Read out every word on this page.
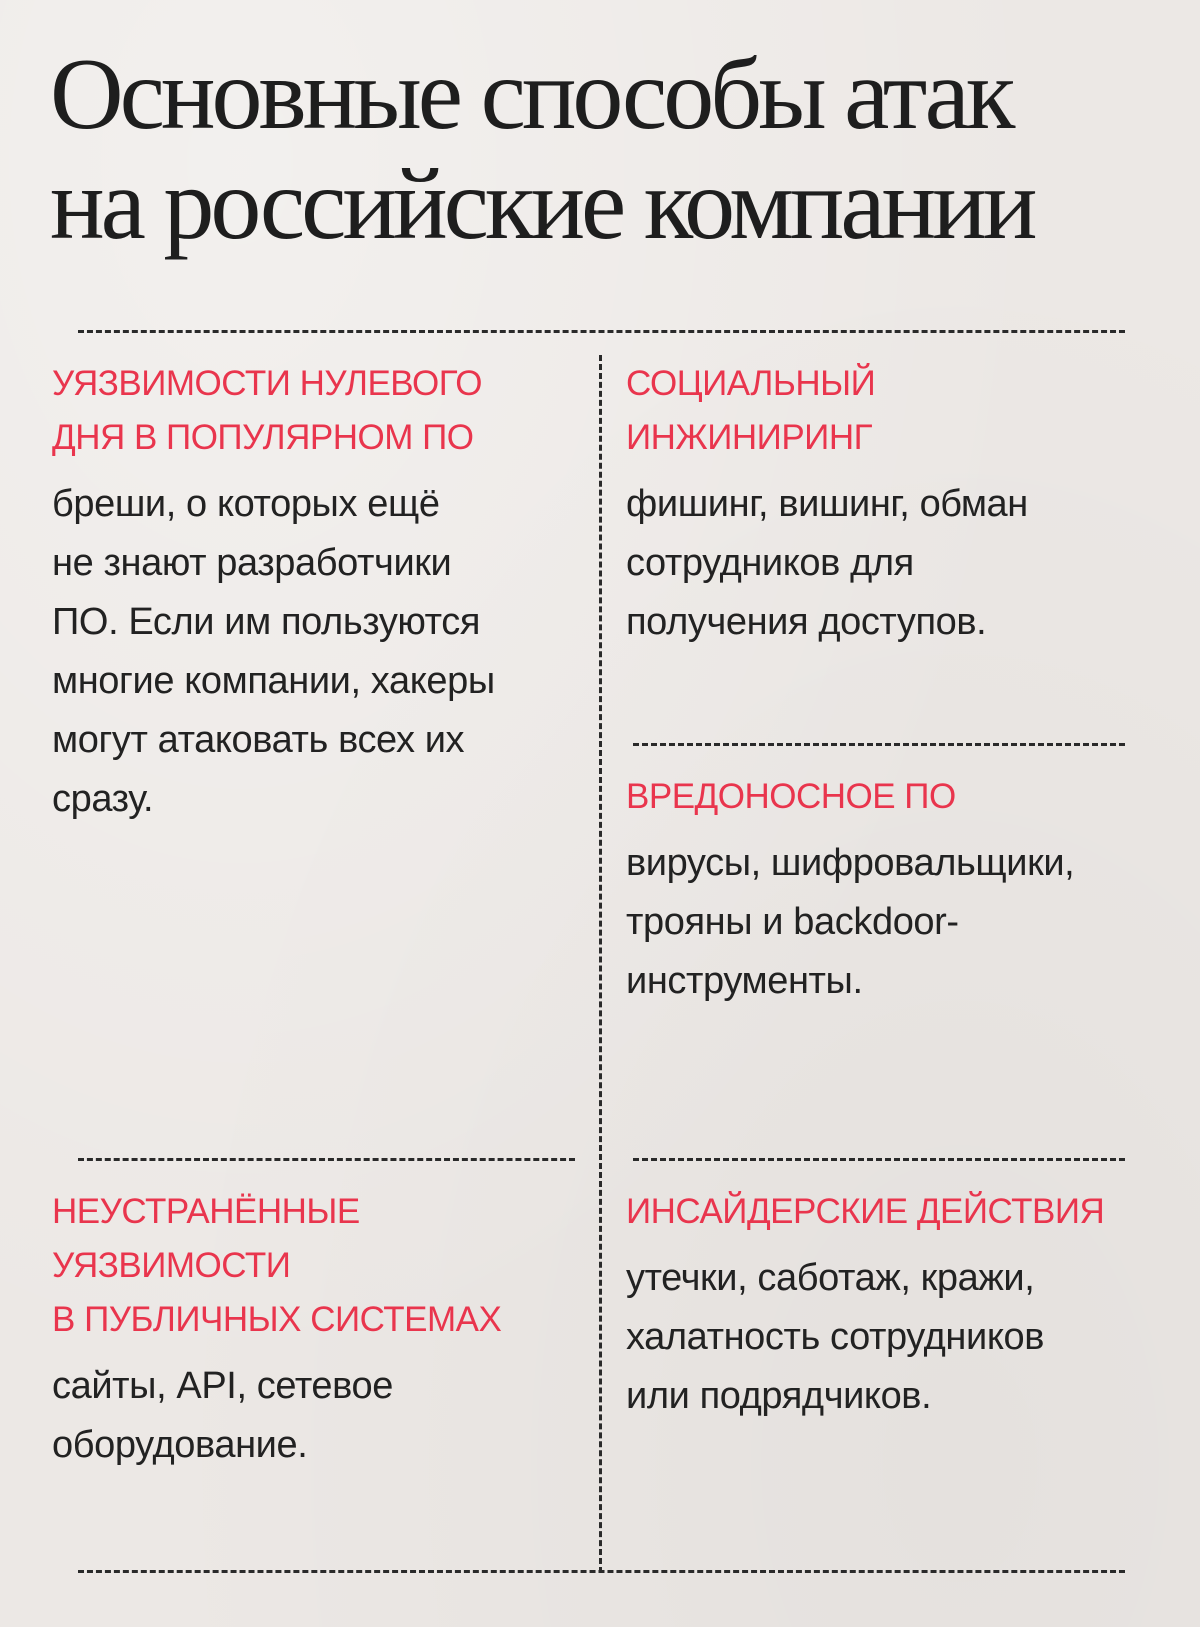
Основные способы атак
на российские компании
УЯЗВИМОСТИ НУЛЕВОГО
ДНЯ В ПОПУЛЯРНОМ ПО

бреши, о которых ещё
не знают разработчики
ПО. Если им пользуются
многие компании, хакеры
могут атаковать всех их
сразу.

СОЦИАЛЬНЫЙ
ИНЖИНИРИНГ

фишинг, вишинг, обман
сотрудников для
получения доступов.

ВРЕДОНОСНОЕ ПО

вирусы, шифровальщики,
трояны и backdoor-
инструменты.

НЕУСТРАНЁННЫЕ
УЯЗВИМОСТИ
В ПУБЛИЧНЫХ СИСТЕМАХ

сайты, API, сетевое
оборудование.

ИНСАЙДЕРСКИЕ ДЕЙСТВИЯ

утечки, саботаж, кражи,
халатность сотрудников
или подрядчиков.
